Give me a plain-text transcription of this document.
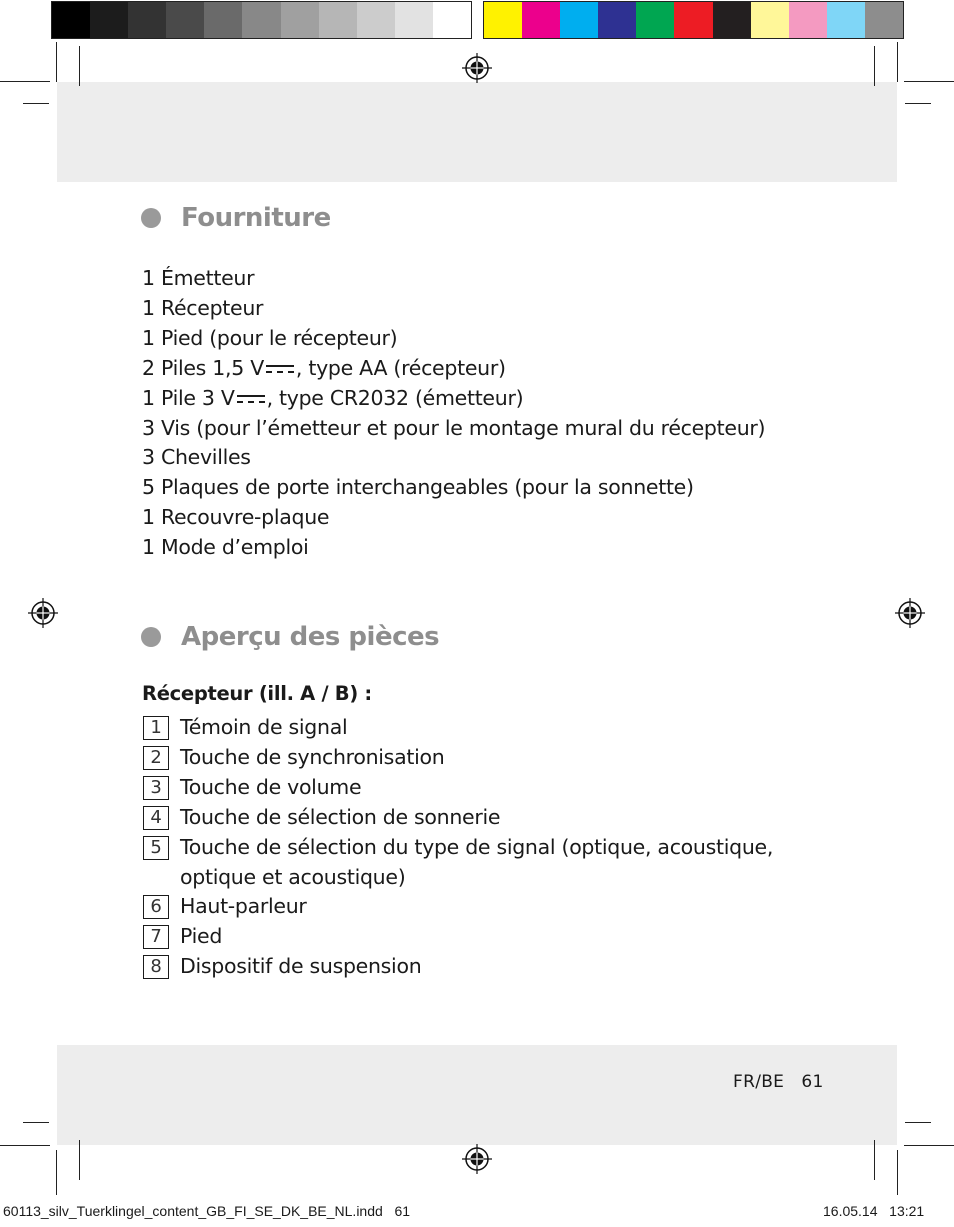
Fourniture
1 Émetteur
1 Récepteur
1 Pied (pour le récepteur)
2 Piles 1,5 V , type AA (récepteur)
1 Pile 3 V , type CR2032 (émetteur)
3 Vis (pour l’émetteur et pour le montage mural du récepteur)
3 Chevilles
5 Plaques de porte interchangeables (pour la sonnette)
1 Recouvre-plaque
1 Mode d’emploi
Aperçu des pièces
Récepteur (ill. A / B) :
1 Témoin de signal
2 Touche de synchronisation
3 Touche de volume
4 Touche de sélection de sonnerie
5 Touche de sélection du type de signal (optique, acoustique, optique et acoustique)
6 Haut-parleur
7 Pied
8 Dispositif de suspension
FR/BE   61
60113_silv_Tuerklingel_content_GB_FI_SE_DK_BE_NL.indd   61	16.05.14   13:21
